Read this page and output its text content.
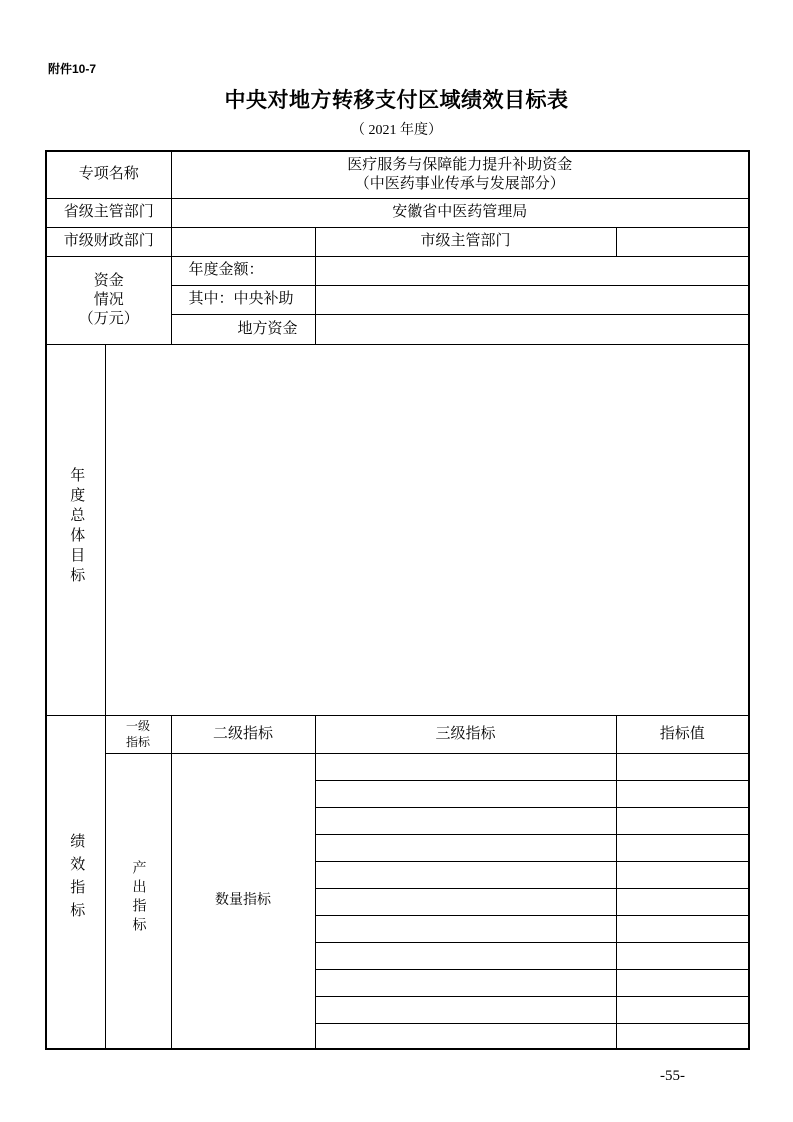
附件10-7
中央对地方转移支付区域绩效目标表
（ 2021 年度）
专项名称		医疗服务与保障能力提升补助资金
（中医药事业传承与发展部分）		

省级主管部门		安徽省中医药管理局		
市级财政部门			市级主管部门	

资金
情况
（万元）		年度金额：		
		其中：中央补助		
		地方资金		
年度总体目标				
绩效指标	一级指标	二级指标	三级指标	指标值
	产出指标	数量指标		

-55-
